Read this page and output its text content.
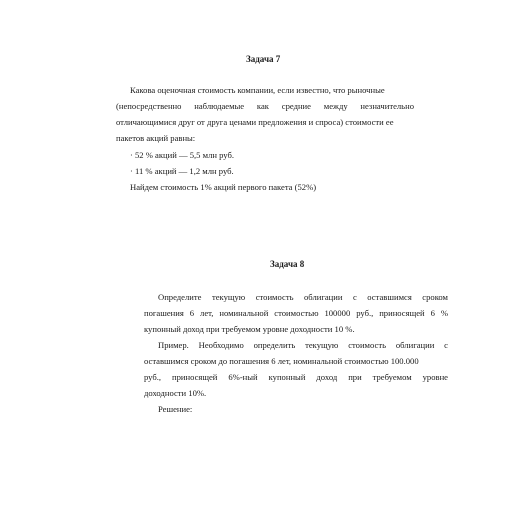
Задача 7
Какова оценочная стоимость компании, если известно, что рыночные
(непосредственно наблюдаемые как средние между незначительно
отличающимися друг от друга ценами предложения и спроса) стоимости ее
пакетов акций равны:
· 52 % акций — 5,5 млн руб.
· 11 % акций — 1,2 млн руб.
Найдем стоимость 1% акций первого пакета (52%)
Задача 8
Определите текущую стоимость облигации с оставшимся сроком
погашения 6 лет, номинальной стоимостью 100000 руб., приносящей 6 %
купонный доход при требуемом уровне доходности 10 %.
Пример. Необходимо определить текущую стоимость облигации с
оставшимся сроком до погашения 6 лет, номинальной стоимостью 100.000
руб., приносящей 6%-ный купонный доход при требуемом уровне
доходности 10%.
Решение:
